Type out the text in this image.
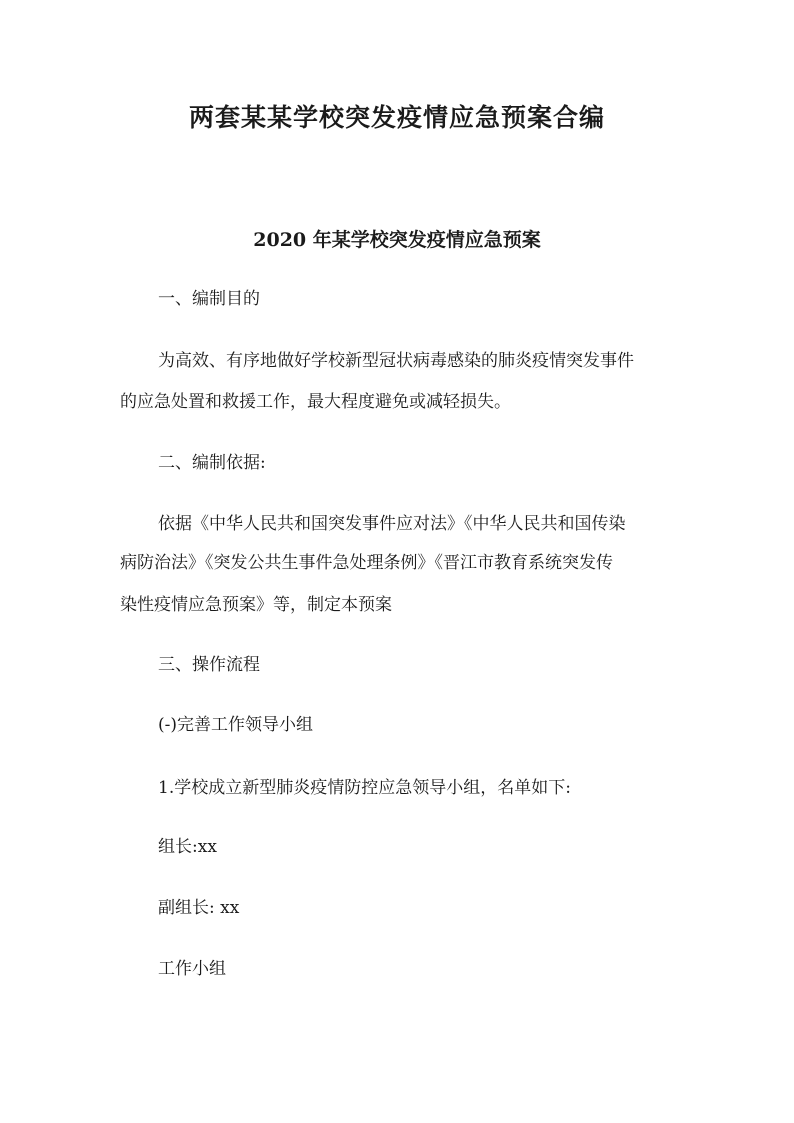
两套某某学校突发疫情应急预案合编
2020 年某学校突发疫情应急预案
一、编制目的
为高效、有序地做好学校新型冠状病毒感染的肺炎疫情突发事件
的应急处置和救援工作，最大程度避免或减轻损失。
二、编制依据:
依据《中华人民共和国突发事件应对法》《中华人民共和国传染
病防治法》《突发公共生事件急处理条例》《晋江市教育系统突发传
染性疫情应急预案》等，制定本预案
三、操作流程
(-)完善工作领导小组
1.学校成立新型肺炎疫情防控应急领导小组，名单如下:
组长:xx
副组长: xx
工作小组
